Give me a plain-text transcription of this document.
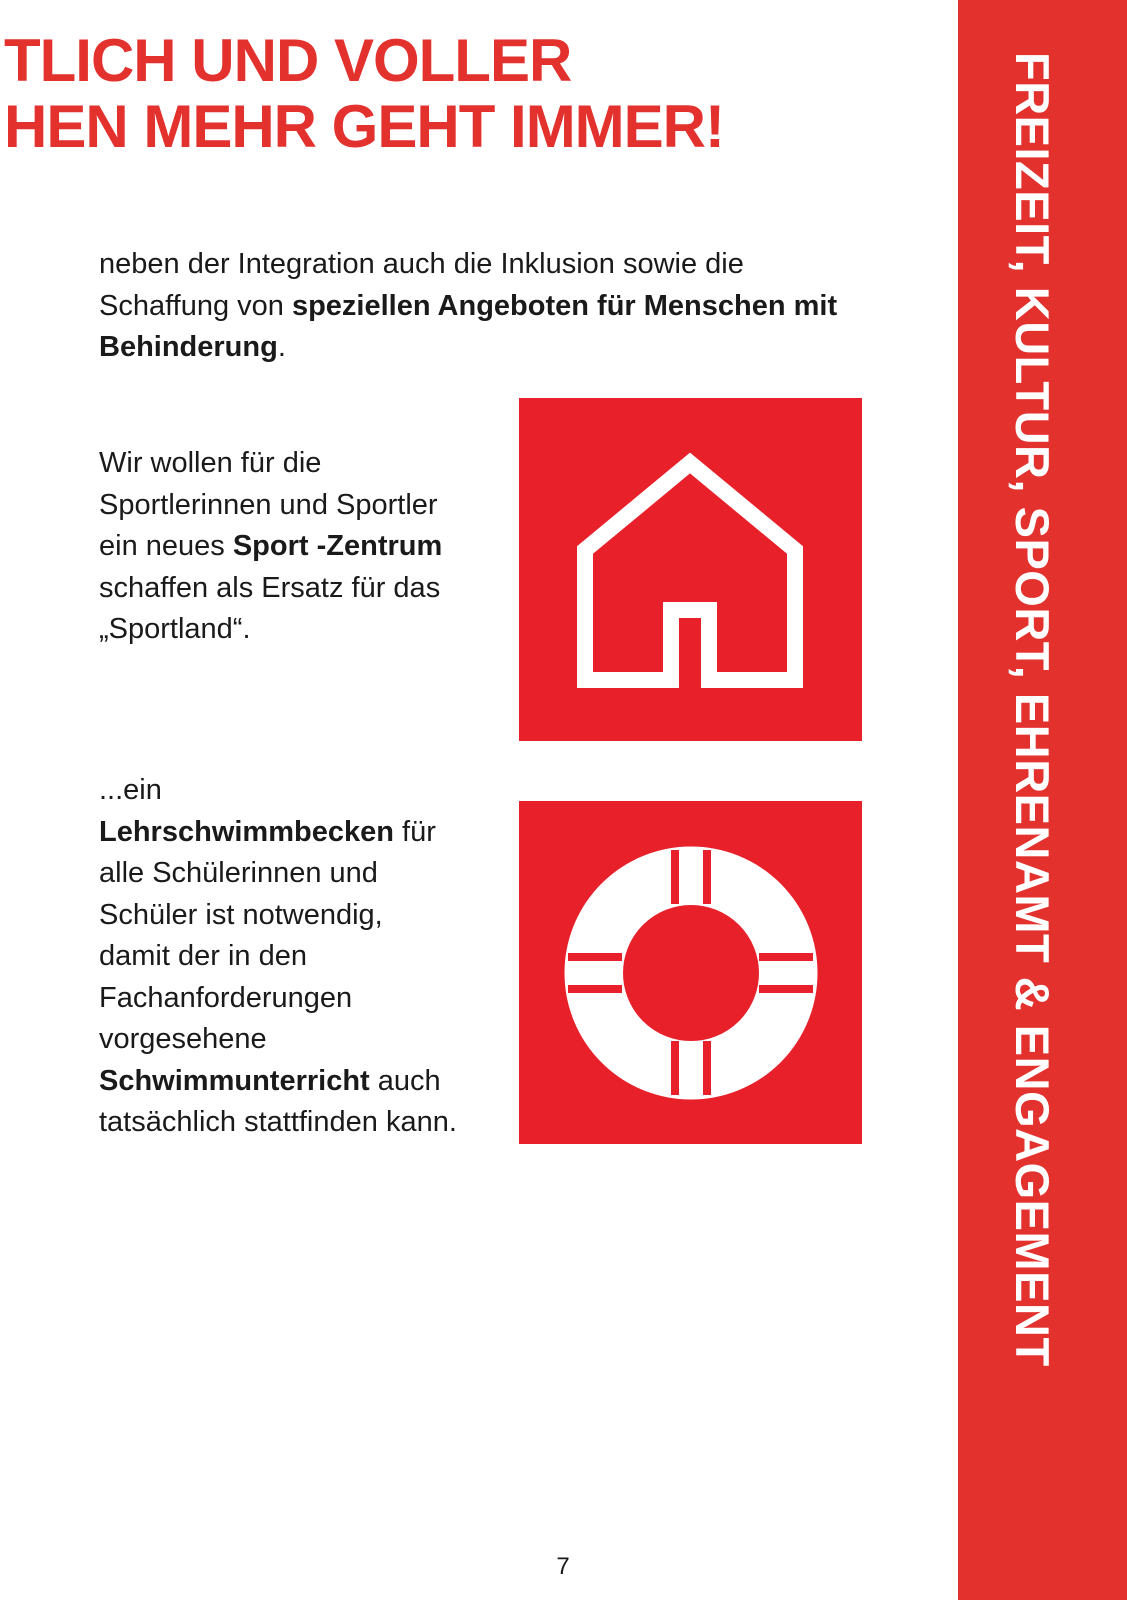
TLICH UND VOLLER
HEN MEHR GEHT IMMER!

neben der Integration auch die Inklusion sowie die Schaffung von speziellen Angeboten für Menschen mit Behinderung.

Wir wollen für die Sportlerinnen und Sportler ein neues Sport -Zentrum schaffen als Ersatz für das „Sportland“.

...ein Lehrschwimmbecken für alle Schülerinnen und Schüler ist notwendig, damit der in den Fachanforderungen vorgesehene Schwimmunterricht auch tatsächlich stattfinden kann.	FREIZEIT, KULTUR, SPORT, EHRENAMT & ENGAGEMENT
7
